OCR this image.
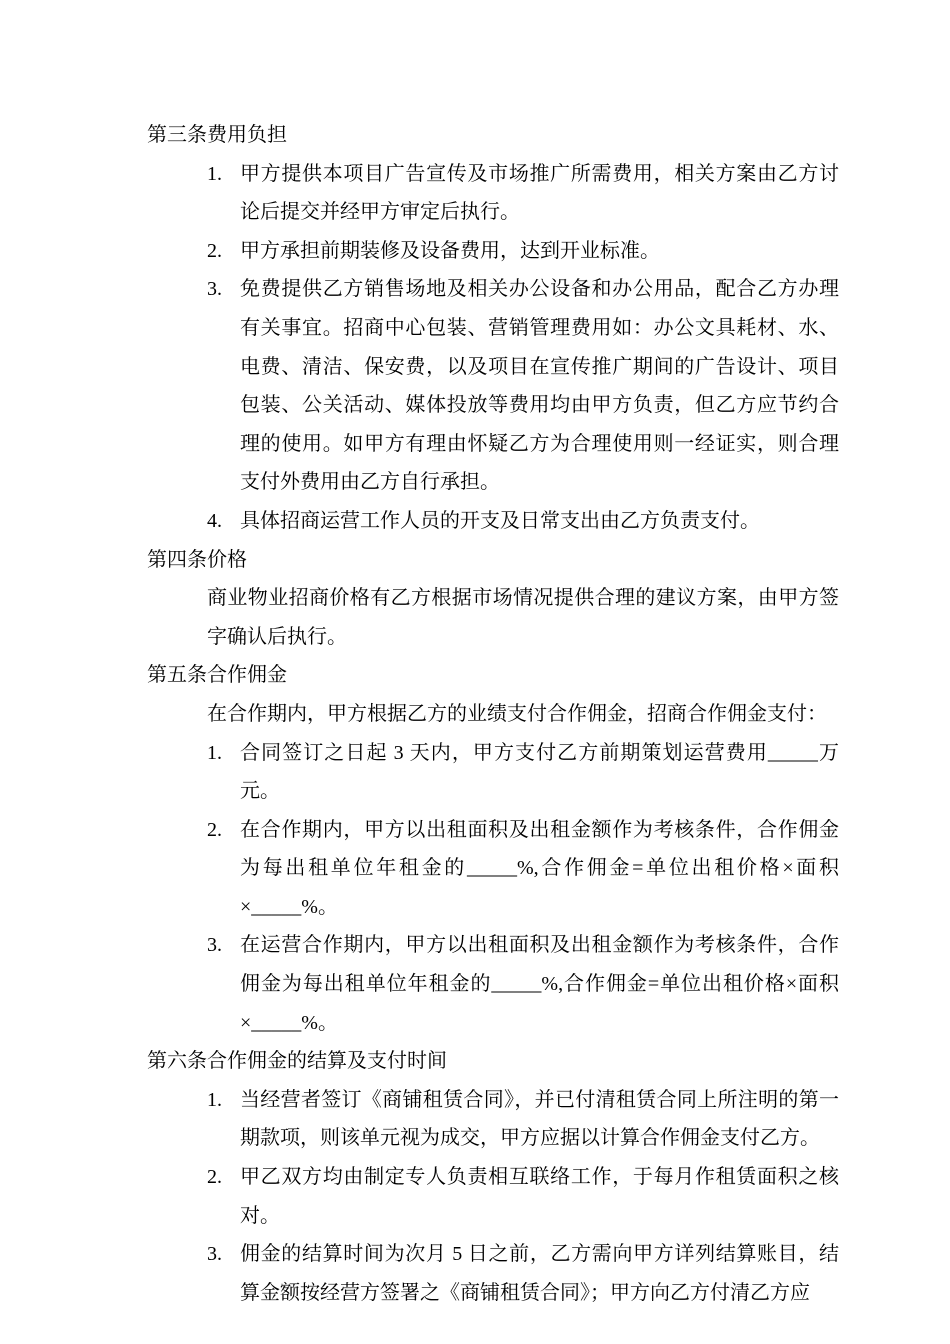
第三条费用负担
1. 甲方提供本项目广告宣传及市场推广所需费用，相关方案由乙方讨论后提交并经甲方审定后执行。
2. 甲方承担前期装修及设备费用，达到开业标准。
3. 免费提供乙方销售场地及相关办公设备和办公用品，配合乙方办理有关事宜。招商中心包装、营销管理费用如：办公文具耗材、水、电费、清洁、保安费，以及项目在宣传推广期间的广告设计、项目包装、公关活动、媒体投放等费用均由甲方负责，但乙方应节约合理的使用。如甲方有理由怀疑乙方为合理使用则一经证实，则合理支付外费用由乙方自行承担。
4. 具体招商运营工作人员的开支及日常支出由乙方负责支付。
第四条价格
商业物业招商价格有乙方根据市场情况提供合理的建议方案，由甲方签字确认后执行。
第五条合作佣金
在合作期内，甲方根据乙方的业绩支付合作佣金，招商合作佣金支付：
1. 合同签订之日起 3 天内，甲方支付乙方前期策划运营费用_____万元。
2. 在合作期内，甲方以出租面积及出租金额作为考核条件，合作佣金为每出租单位年租金的_____%,合作佣金=单位出租价格×面积×_____%。
3. 在运营合作期内，甲方以出租面积及出租金额作为考核条件，合作佣金为每出租单位年租金的_____%,合作佣金=单位出租价格×面积×_____%。
第六条合作佣金的结算及支付时间
1. 当经营者签订《商铺租赁合同》，并已付清租赁合同上所注明的第一期款项，则该单元视为成交，甲方应据以计算合作佣金支付乙方。
2. 甲乙双方均由制定专人负责相互联络工作，于每月作租赁面积之核对。
3. 佣金的结算时间为次月 5 日之前，乙方需向甲方详列结算账目，结算金额按经营方签署之《商铺租赁合同》；甲方向乙方付清乙方应
